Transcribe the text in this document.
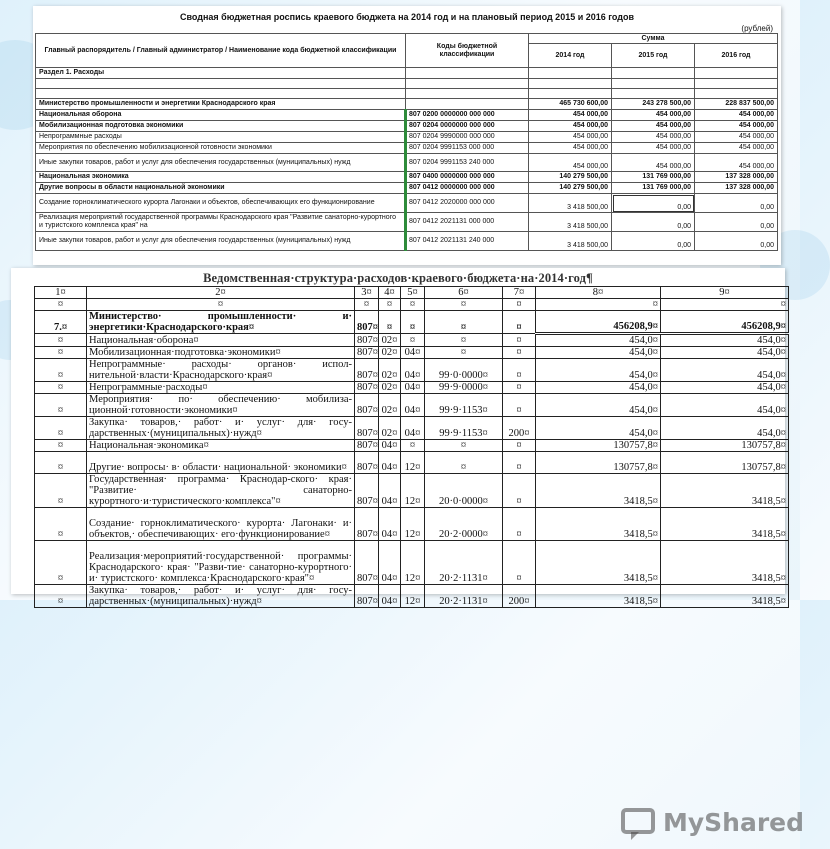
Сводная бюджетная роспись краевого бюджета на 2014 год и на плановый период 2015 и 2016 годов
(рублей)
Главный распорядитель / Главный администратор / Наименование кода бюджетной классификации	Коды бюджетной классификации	Сумма		
		2014 год	2015 год	2016 год
Раздел 1. Расходы				

Министерство промышленности и энергетики Краснодарского края		465 730 600,00	243 278 500,00	228 837 500,00
Национальная оборона	807 0200 0000000 000 000	454 000,00	454 000,00	454 000,00
Мобилизационная подготовка экономики	807 0204 0000000 000 000	454 000,00	454 000,00	454 000,00
Непрограммные расходы	807 0204 9990000 000 000	454 000,00	454 000,00	454 000,00
Мероприятия по обеспечению мобилизационной готовности экономики	807 0204 9991153 000 000	454 000,00	454 000,00	454 000,00
Иные закупки товаров, работ и услуг для обеспечения государственных (муниципальных) нужд	807 0204 9991153 240 000	454 000,00	454 000,00	454 000,00
Национальная экономика	807 0400 0000000 000 000	140 279 500,00	131 769 000,00	137 328 000,00
Другие вопросы в области национальной экономики	807 0412 0000000 000 000	140 279 500,00	131 769 000,00	137 328 000,00
Создание горноклиматического курорта Лагонаки и объектов, обеспечивающих его функционирование	807 0412 2020000 000 000	3 418 500,00	0,00	0,00
Реализация мероприятий государственной программы Краснодарского края "Развитие санаторно-курортного и туристского комплекса края" на	807 0412 2021131 000 000	3 418 500,00	0,00	0,00
Иные закупки товаров, работ и услуг для обеспечения государственных (муниципальных) нужд	807 0412 2021131 240 000	3 418 500,00	0,00	0,00
Ведомственная·структура·расходов·краевого·бюджета·на·2014·год¶
1¤	2¤	3¤	4¤	5¤	6¤	7¤	8¤	9¤
¤	¤	¤	¤	¤	¤	¤	¤	¤
7.¤	Министерство· промышленности· и· энергетики·Краснодарского·края¤	807¤	¤	¤	¤	¤	456208,9¤	456208,9¤
¤	Национальная·оборона¤	807¤	02¤	¤	¤	¤	454,0¤	454,0¤
¤	Мобилизационная·подготовка·экономики¤	807¤	02¤	04¤	¤	¤	454,0¤	454,0¤
¤	Непрограммные· расходы· органов· испол-нительной·власти·Краснодарского·края¤	807¤	02¤	04¤	99·0·0000¤	¤	454,0¤	454,0¤
¤	Непрограммные·расходы¤	807¤	02¤	04¤	99·9·0000¤	¤	454,0¤	454,0¤
¤	Мероприятия· по· обеспечению· мобилиза-ционной·готовности·экономики¤	807¤	02¤	04¤	99·9·1153¤	¤	454,0¤	454,0¤
¤	Закупка· товаров,· работ· и· услуг· для· госу-дарственных·(муниципальных)·нужд¤	807¤	02¤	04¤	99·9·1153¤	200¤	454,0¤	454,0¤
¤	Национальная·экономика¤	807¤	04¤	¤	¤	¤	130757,8¤	130757,8¤
¤	Другие· вопросы· в· области· национальной· экономики¤	807¤	04¤	12¤	¤	¤	130757,8¤	130757,8¤
¤	Государственная· программа· Краснодар-ского· края· "Развитие· санаторно-курортного·и·туристического·комплекса"¤	807¤	04¤	12¤	20·0·0000¤	¤	3418,5¤	3418,5¤
¤	Создание· горноклиматического· курорта· Лагонаки· и· объектов,· обеспечивающих· его·функционирование¤	807¤	04¤	12¤	20·2·0000¤	¤	3418,5¤	3418,5¤
¤	Реализация·мероприятий·государственной· программы· Краснодарского· края· "Разви-тие· санаторно-курортного· и· туристского· комплекса·Краснодарского·края"¤	807¤	04¤	12¤	20·2·1131¤	¤	3418,5¤	3418,5¤
¤	Закупка· товаров,· работ· и· услуг· для· госу-дарственных·(муниципальных)·нужд¤	807¤	04¤	12¤	20·2·1131¤	200¤	3418,5¤	3418,5¤
MyShared
